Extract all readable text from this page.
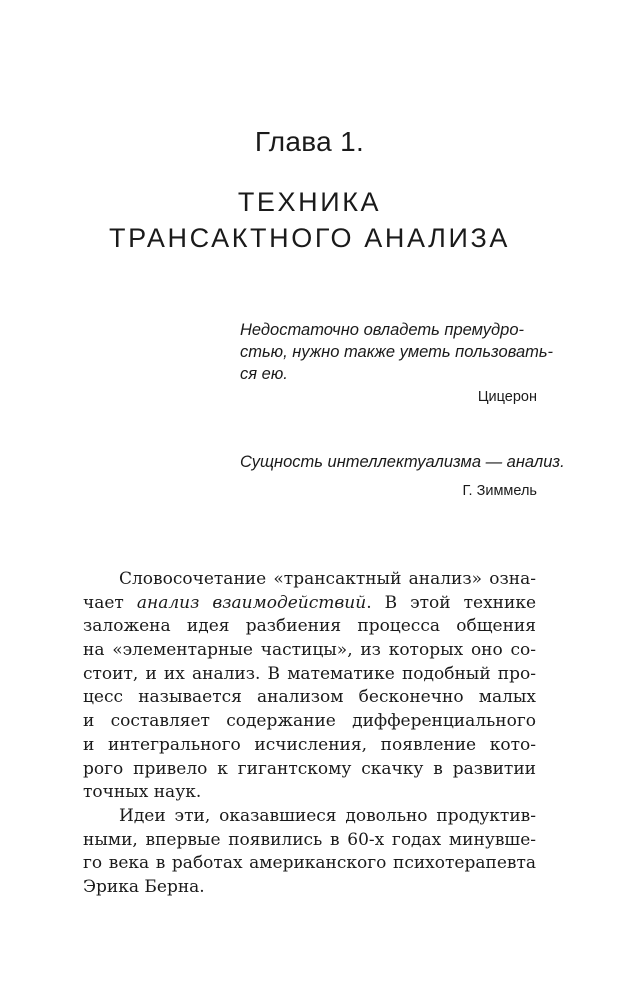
Глава 1.
ТЕХНИКА
ТРАНСАКТНОГО АНАЛИЗА
Недостаточно овладеть премудро-
стью, нужно также уметь пользовать-
ся ею.
Цицерон
Сущность интеллектуализма — анализ.
Г. Зиммель
Словосочетание «трансактный анализ» озна-
чает анализ взаимодействий. В этой технике
заложена идея разбиения процесса общения
на «элементарные частицы», из которых оно со-
стоит, и их анализ. В математике подобный про-
цесс называется анализом бесконечно малых
и составляет содержание дифференциального
и интегрального исчисления, появление кото-
рого привело к гигантскому скачку в развитии
точных наук.
Идеи эти, оказавшиеся довольно продуктив-
ными, впервые появились в 60-х годах минувше-
го века в работах американского психотерапевта
Эрика Берна.
